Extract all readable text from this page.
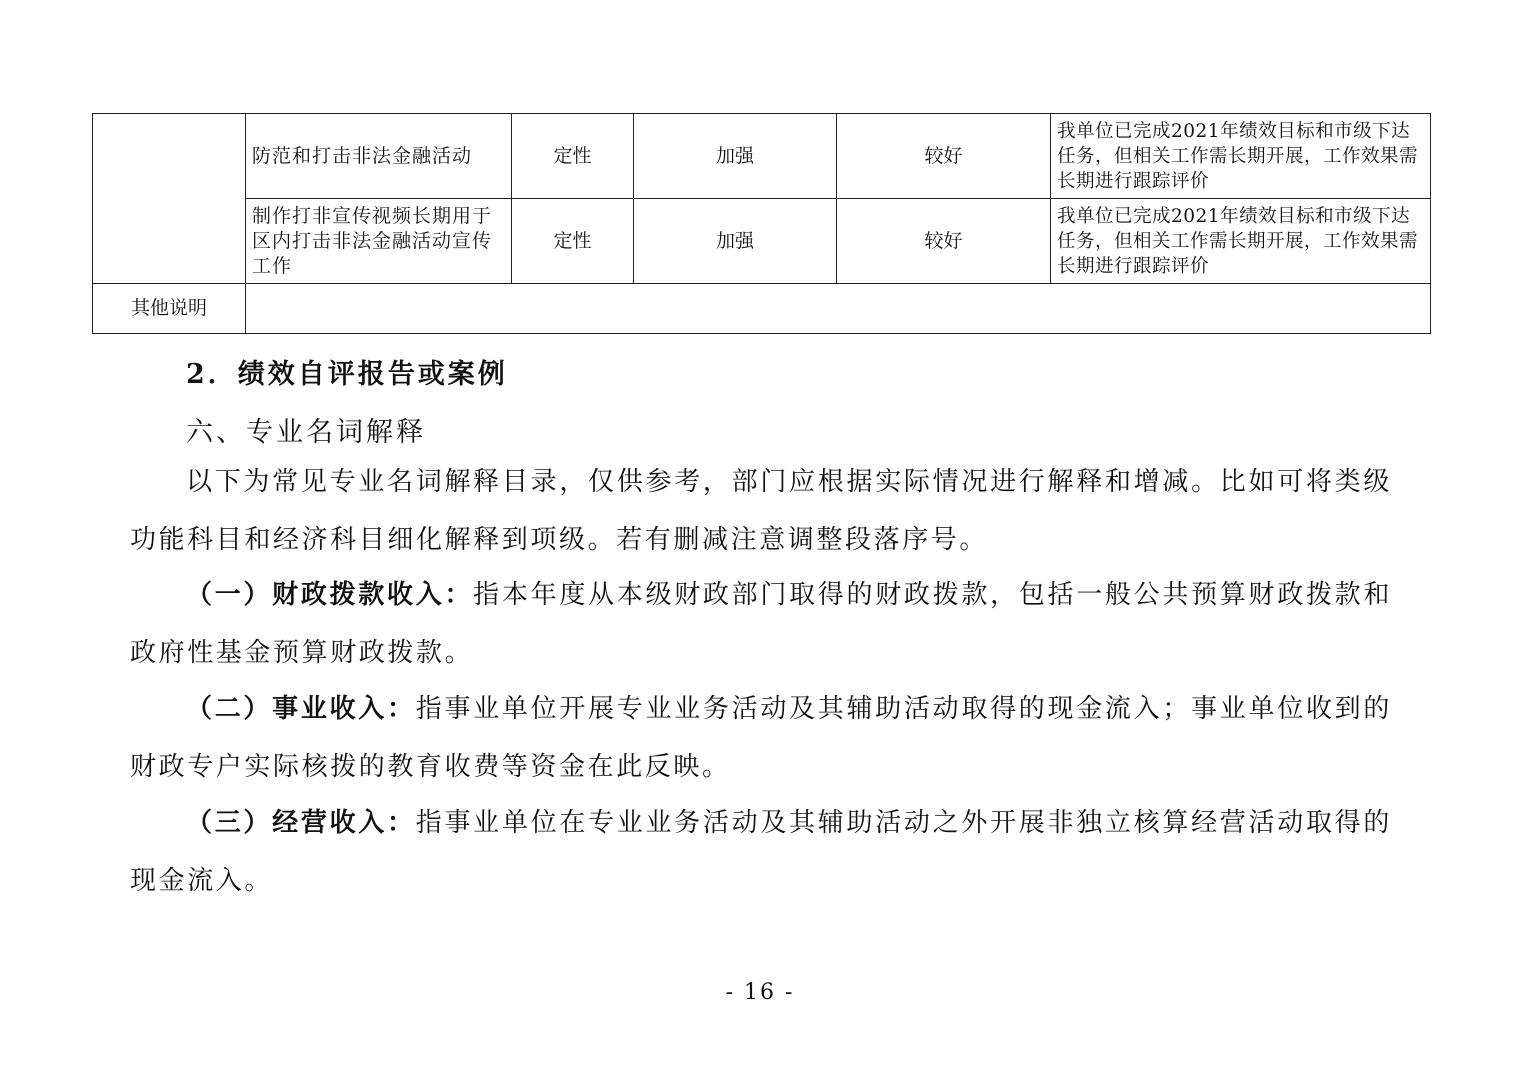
	防范和打击非法金融活动	定性	加强	较好	我单位已完成2021年绩效目标和市级下达任务，但相关工作需长期开展，工作效果需长期进行跟踪评价
	制作打非宣传视频长期用于区内打击非法金融活动宣传工作	定性	加强	较好	我单位已完成2021年绩效目标和市级下达任务，但相关工作需长期开展，工作效果需长期进行跟踪评价
其他说明					
2．绩效自评报告或案例
六、专业名词解释
以下为常见专业名词解释目录，仅供参考，部门应根据实际情况进行解释和增减。比如可将类级功能科目和经济科目细化解释到项级。若有删减注意调整段落序号。
（一）财政拨款收入：指本年度从本级财政部门取得的财政拨款，包括一般公共预算财政拨款和政府性基金预算财政拨款。
（二）事业收入：指事业单位开展专业业务活动及其辅助活动取得的现金流入；事业单位收到的财政专户实际核拨的教育收费等资金在此反映。
（三）经营收入：指事业单位在专业业务活动及其辅助活动之外开展非独立核算经营活动取得的现金流入。
- 16 -
